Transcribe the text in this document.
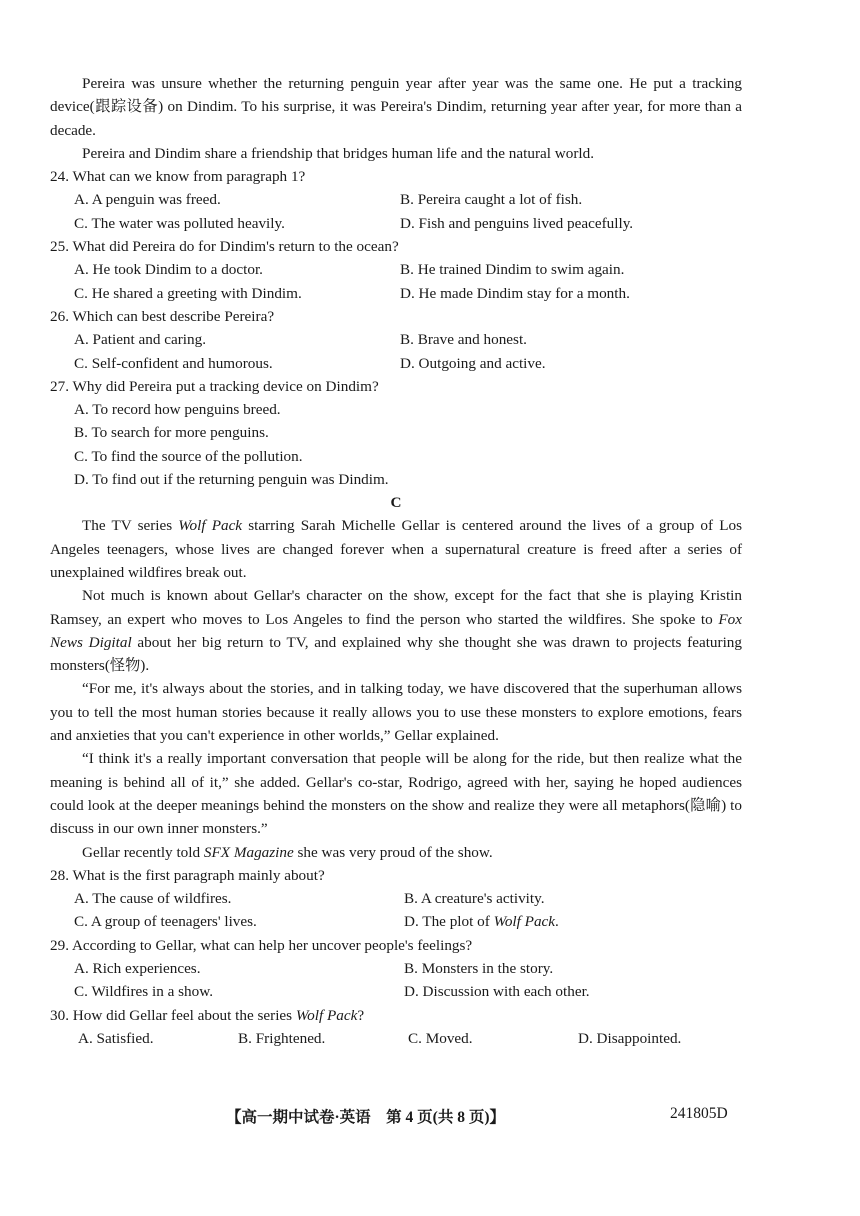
Pereira was unsure whether the returning penguin year after year was the same one. He put a tracking device(跟踪设备) on Dindim. To his surprise, it was Pereira's Dindim, returning year after year, for more than a decade.

Pereira and Dindim share a friendship that bridges human life and the natural world.

24. What can we know from paragraph 1?
A. A penguin was freed.	B. Pereira caught a lot of fish.
C. The water was polluted heavily.	D. Fish and penguins lived peacefully.
25. What did Pereira do for Dindim's return to the ocean?
A. He took Dindim to a doctor.	B. He trained Dindim to swim again.
C. He shared a greeting with Dindim.	D. He made Dindim stay for a month.
26. Which can best describe Pereira?
A. Patient and caring.	B. Brave and honest.
C. Self-confident and humorous.	D. Outgoing and active.
27. Why did Pereira put a tracking device on Dindim?
A. To record how penguins breed.
B. To search for more penguins.
C. To find the source of the pollution.
D. To find out if the returning penguin was Dindim.
C

The TV series Wolf Pack starring Sarah Michelle Gellar is centered around the lives of a group of Los Angeles teenagers, whose lives are changed forever when a supernatural creature is freed after a series of unexplained wildfires break out.

Not much is known about Gellar's character on the show, except for the fact that she is playing Kristin Ramsey, an expert who moves to Los Angeles to find the person who started the wildfires. She spoke to Fox News Digital about her big return to TV, and explained why she thought she was drawn to projects featuring monsters(怪物).

“For me, it's always about the stories, and in talking today, we have discovered that the superhuman allows you to tell the most human stories because it really allows you to use these monsters to explore emotions, fears and anxieties that you can't experience in other worlds,” Gellar explained.

“I think it's a really important conversation that people will be along for the ride, but then realize what the meaning is behind all of it,” she added. Gellar's co-star, Rodrigo, agreed with her, saying he hoped audiences could look at the deeper meanings behind the monsters on the show and realize they were all metaphors(隐喻) to discuss in our own inner monsters.”

Gellar recently told SFX Magazine she was very proud of the show.

28. What is the first paragraph mainly about?
A. The cause of wildfires.	B. A creature's activity.
C. A group of teenagers' lives.	D. The plot of Wolf Pack.
29. According to Gellar, what can help her uncover people's feelings?
A. Rich experiences.	B. Monsters in the story.
C. Wildfires in a show.	D. Discussion with each other.
30. How did Gellar feel about the series Wolf Pack?
A. Satisfied.	B. Frightened.	C. Moved.	D. Disappointed.
【高一期中试卷·英语　第 4 页(共 8 页)】	241805D
